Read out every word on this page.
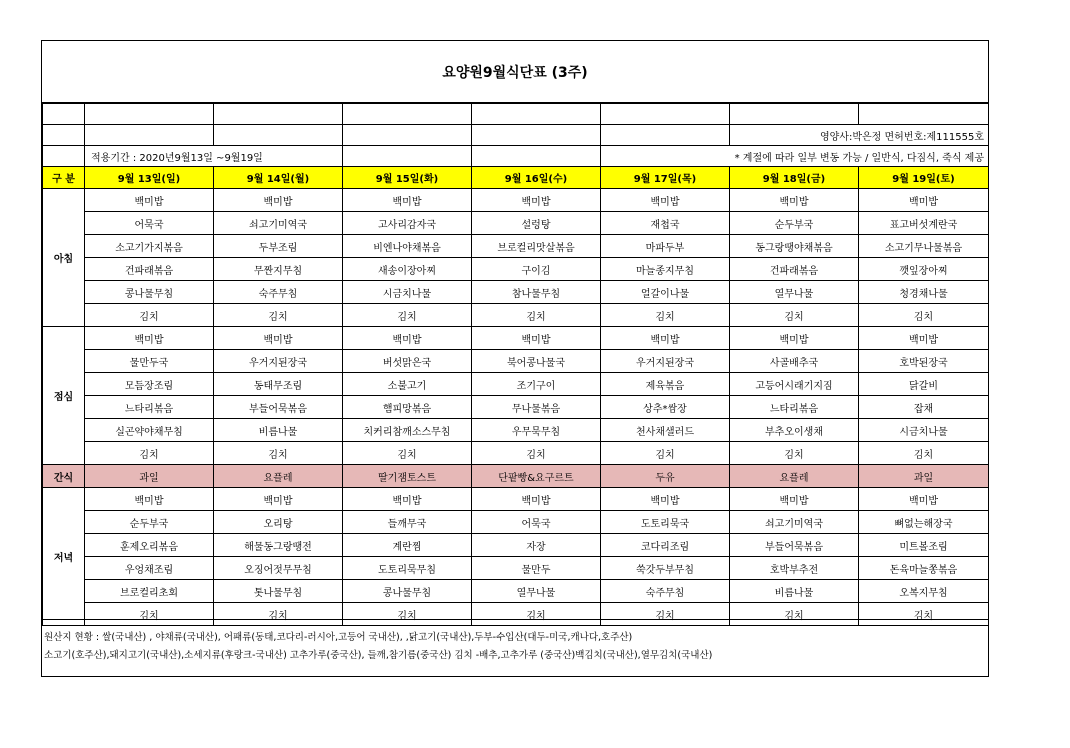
요양원9월식단표 (3주)

						영양사:박은정 면허번호:제111555호	
	적용기간 : 2020년9월13일 ~9월19일				* 계절에 따라 일부 변동 가능 / 일반식, 다짐식, 죽식 제공		
구 분	9월 13일(일)	9월 14일(월)	9월 15일(화)	9월 16일(수)	9월 17일(목)	9월 18일(금)	9월 19일(토)
아침	백미밥	백미밥	백미밥	백미밥	백미밥	백미밥	백미밥
	어묵국	쇠고기미역국	고사리감자국	설렁탕	재첩국	순두부국	표고버섯계란국
	소고기가지볶음	두부조림	비엔나야채볶음	브로컬리맛살볶음	마파두부	동그랑땡야채볶음	소고기무나물볶음
	건파래볶음	무짠지무침	새송이장아찌	구이김	마늘종지무침	건파래볶음	깻잎장아찌
	콩나물무침	숙주무침	시금치나물	참나물무침	얼갈이나물	열무나물	청경채나물
	김치	김치	김치	김치	김치	김치	김치
점심	백미밥	백미밥	백미밥	백미밥	백미밥	백미밥	백미밥
	물만두국	우거지된장국	버섯맑은국	북어콩나물국	우거지된장국	사골배추국	호박된장국
	모듬장조림	동태무조림	소불고기	조기구이	제육볶음	고등어시래기지짐	닭갈비
	느타리볶음	부들어묵볶음	햄피망볶음	무나물볶음	상추*쌈장	느타리볶음	잡채
	실곤약야채무침	비름나물	치커리참깨소스무침	우무묵무침	천사채샐러드	부추오이생채	시금치나물
	김치	김치	김치	김치	김치	김치	김치
간식	과일	요플레	딸기잼토스트	단팥빵&요구르트	두유	요플레	과일
저녁	백미밥	백미밥	백미밥	백미밥	백미밥	백미밥	백미밥
	순두부국	오리탕	들깨무국	어묵국	도토리묵국	쇠고기미역국	뼈없는해장국
	훈제오리볶음	해물동그랑땡전	계란찜	자장	코다리조림	부들어묵볶음	미트볼조림
	우엉채조림	오징어젓무무침	도토리묵무침	물만두	쑥갓두부무침	호박부추전	돈육마늘쫑볶음
	브로컬리초회	톳나물무침	콩나물무침	열무나물	숙주무침	비름나물	오복지무침
	김치	김치	김치	김치	김치	김치	김치
원산지 현황 : 쌀(국내산) , 야채류(국내산), 어패류(동태,코다리-러시아,고등어 국내산), ,닭고기(국내산),두부-수입산(대두-미국,캐나다,호주산)
소고기(호주산),돼지고기(국내산),소세지류(후랑크-국내산) 고추가루(중국산), 들깨,참기름(중국산) 김치 -배추,고추가루 (중국산)백김치(국내산),열무김치(국내산)
